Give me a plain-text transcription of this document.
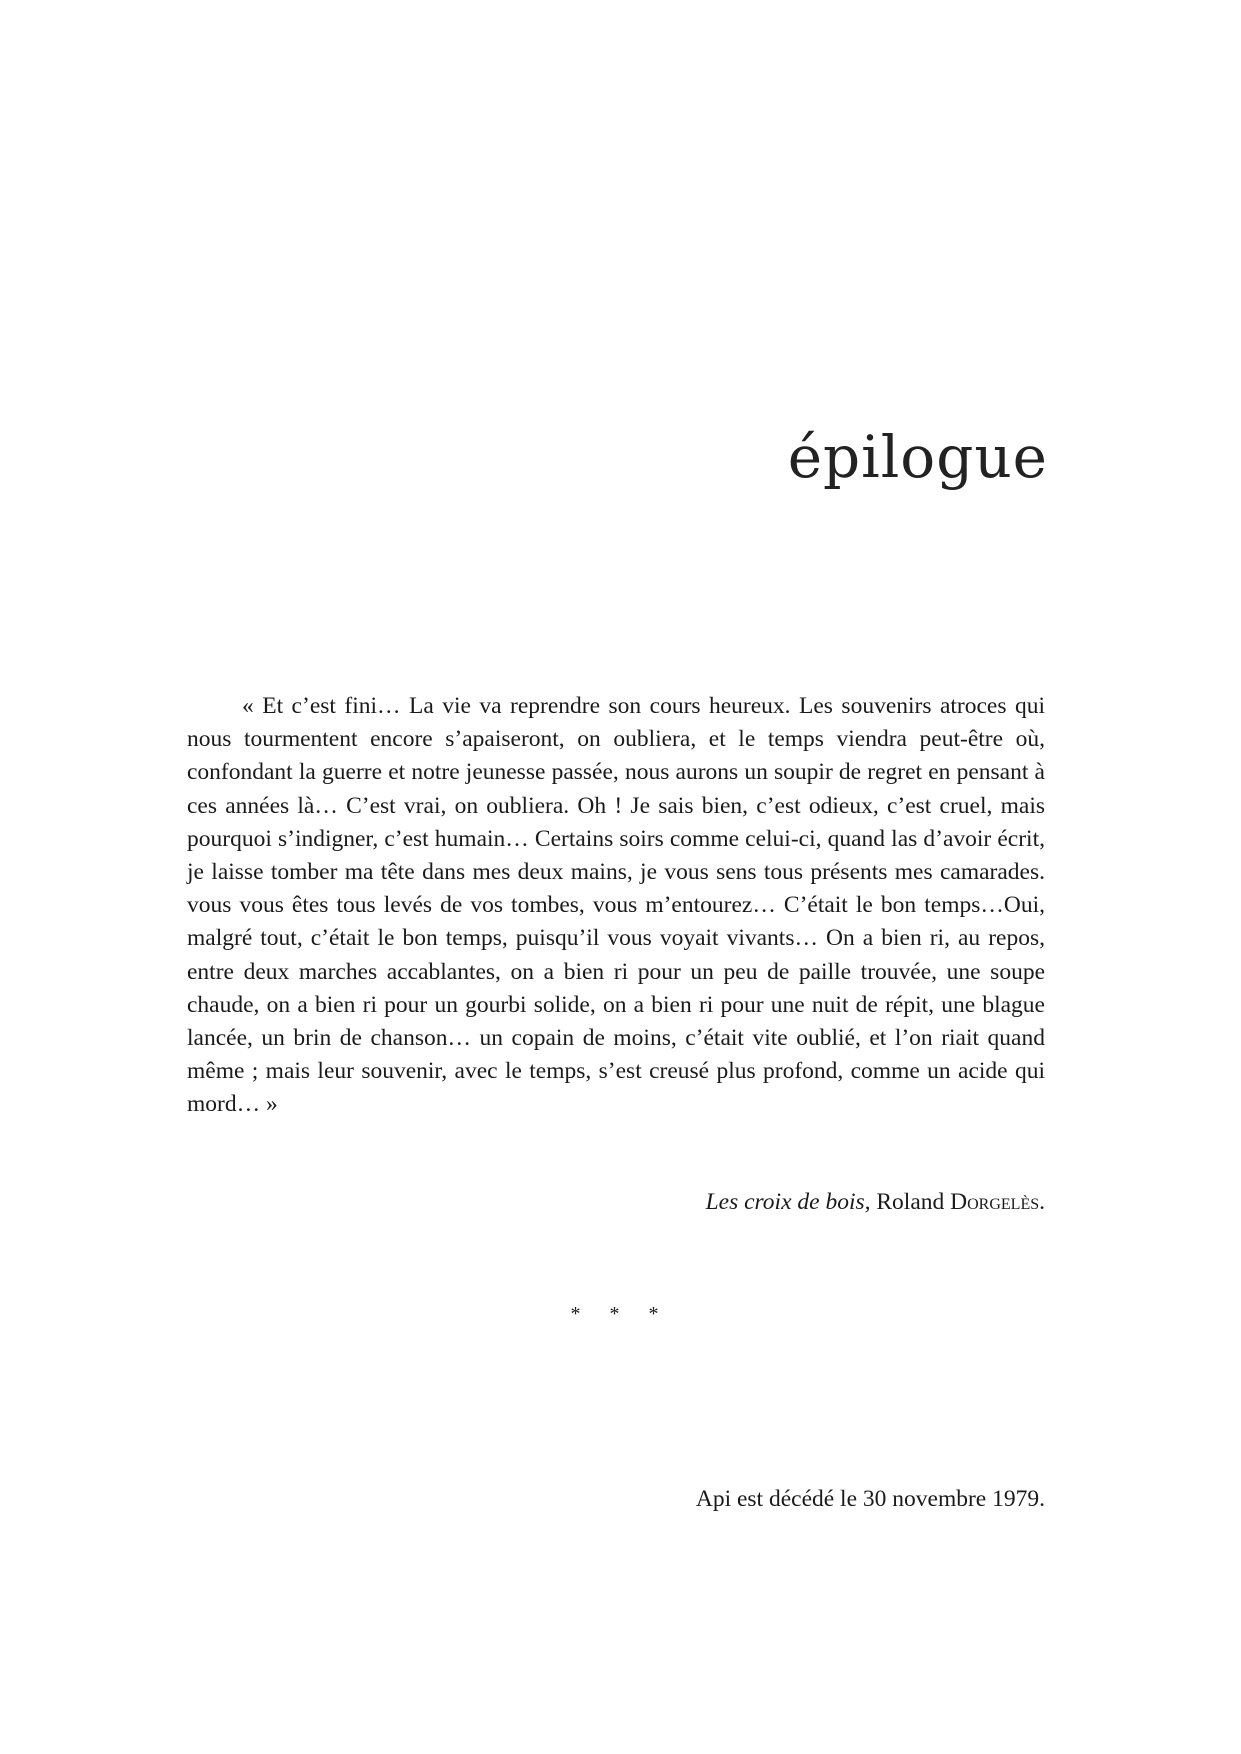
épilogue

« Et c’est fini… La vie va reprendre son cours heureux. Les souvenirs atroces qui nous tourmentent encore s’apaiseront, on oubliera, et le temps viendra peut-être où, confondant la guerre et notre jeunesse passée, nous aurons un soupir de regret en pensant à ces années là… C’est vrai, on oubliera. Oh ! Je sais bien, c’est odieux, c’est cruel, mais pourquoi s’indigner, c’est humain… Certains soirs comme celui-ci, quand las d’avoir écrit, je laisse tomber ma tête dans mes deux mains, je vous sens tous présents mes camarades. vous vous êtes tous levés de vos tombes, vous m’entourez… C’était le bon temps…Oui, malgré tout, c’était le bon temps, puisqu’il vous voyait vivants… On a bien ri, au repos, entre deux marches accablantes, on a bien ri pour un peu de paille trouvée, une soupe chaude, on a bien ri pour un gourbi solide, on a bien ri pour une nuit de répit, une blague lancée, un brin de chanson… un copain de moins, c’était vite oublié, et l’on riait quand même ; mais leur souvenir, avec le temps, s’est creusé plus profond, comme un acide qui mord… »

Les croix de bois, Roland Dorgelès.

* * *

Api est décédé le 30 novembre 1979.
